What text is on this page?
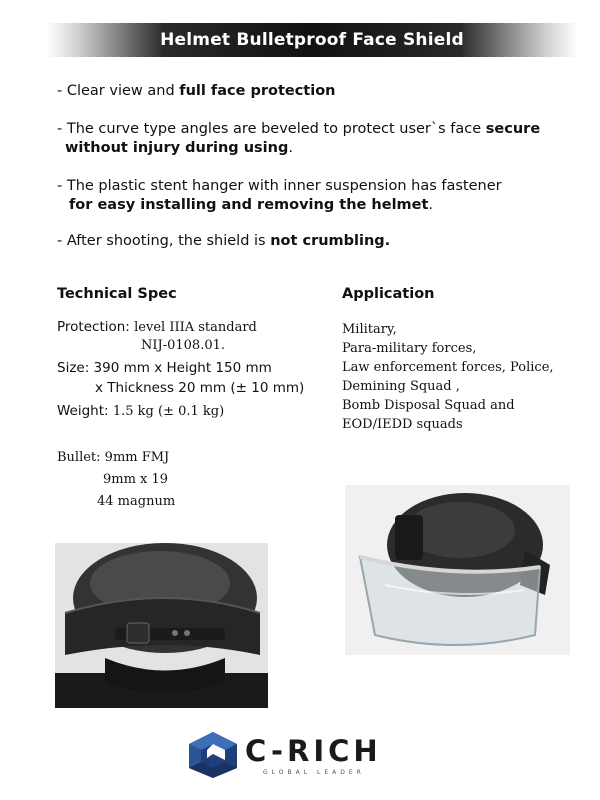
Helmet Bulletproof Face Shield
- Clear view and full face protection
- The curve type angles are beveled to protect user`s face secure
without injury during using.
- The plastic stent hanger with inner suspension has fastener
for easy installing and removing the helmet.
- After shooting, the shield is not crumbling.
Technical Spec	Application
Protection: level IIIA standard
NIJ-0108.01.
Size: 390 mm x Height 150 mm
x Thickness 20 mm (± 10 mm)
Weight: 1.5 kg (± 0.1 kg)
Military,
Para-military forces,
Law enforcement forces, Police,
Demining Squad ,
Bomb Disposal Squad and
EOD/IEDD squads
Bullet: 9mm FMJ
9mm x 19
44 magnum
C-RICH
GLOBAL LEADER
